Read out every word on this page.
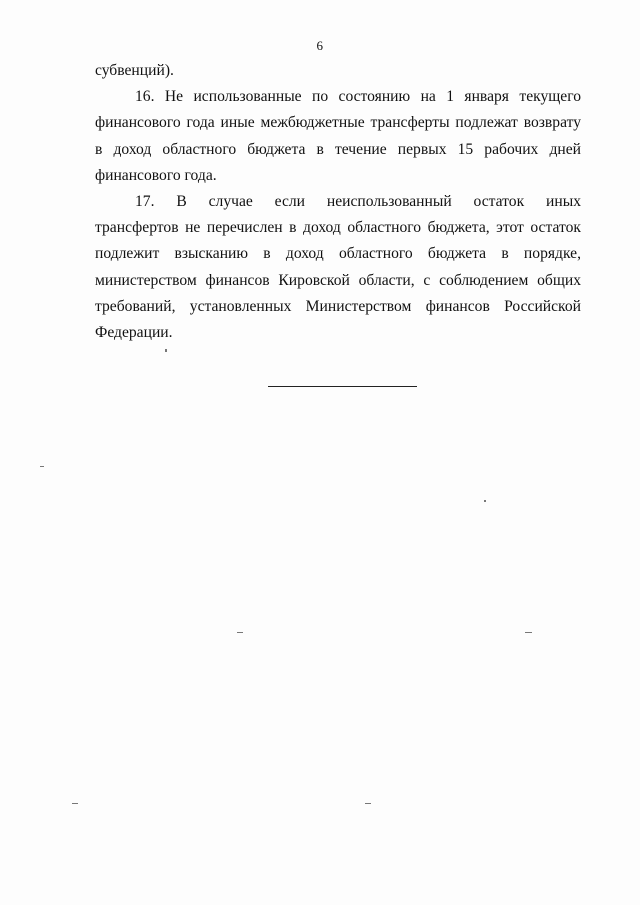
6
субвенций).
16. Не использованные по состоянию на 1 января текущего
финансового года иные межбюджетные трансферты подлежат возврату
в доход областного бюджета в течение первых 15 рабочих дней
финансового года.
17. В случае если неиспользованный остаток иных
трансфертов не перечислен в доход областного бюджета, этот остаток
подлежит взысканию в доход областного бюджета в порядке,
министерством финансов Кировской области, с соблюдением общих
требований, установленных Министерством финансов Российской
Федерации.
